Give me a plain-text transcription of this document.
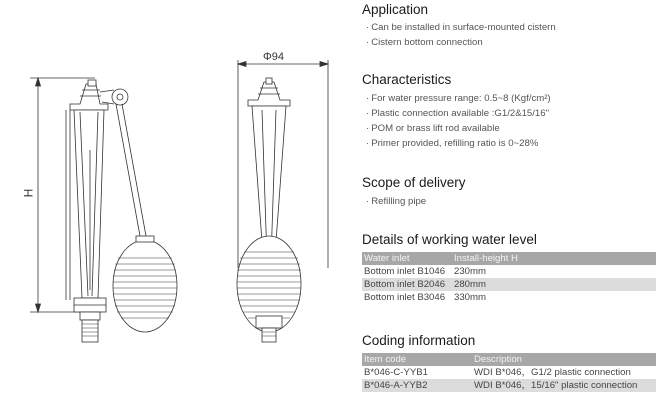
H
Φ94
Application
· Can be installed in surface-mounted cistern
· Cistern bottom connection
Characteristics
· For water pressure range: 0.5~8 (Kgf/cm²)
· Plastic connection available :G1/2&15/16"
· POM or brass lift rod available
· Primer provided, refilling ratio is 0~28%
Scope of delivery
· Refilling pipe
Details of working water level
Water inlet	Install-height H
Bottom inlet B1046	230mm
Bottom inlet B2046	280mm
Bottom inlet B3046	330mm
Coding information
Item code	Description
B*046-C-YYB1	WDI B*046，G1/2 plastic connection
B*046-A-YYB2	WDI B*046，15/16" plastic connection
